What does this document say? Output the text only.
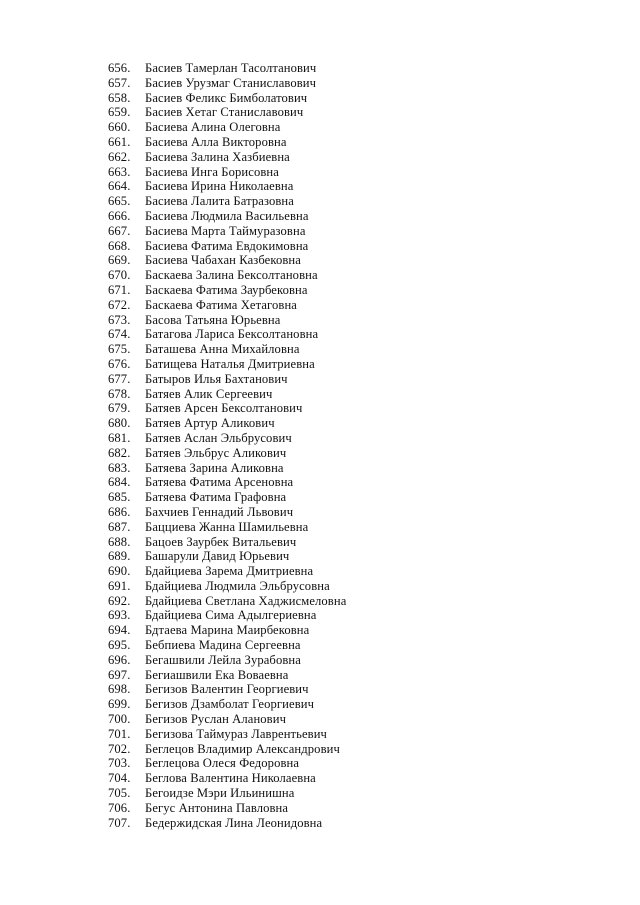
656.	Басиев Тамерлан Тасолтанович
657.	Басиев Урузмаг Станиславович
658.	Басиев Феликс Бимболатович
659.	Басиев Хетаг Станиславович
660.	Басиева Алина Олеговна
661.	Басиева Алла Викторовна
662.	Басиева Залина Хазбиевна
663.	Басиева Инга Борисовна
664.	Басиева Ирина Николаевна
665.	Басиева Лалита Батразовна
666.	Басиева Людмила Васильевна
667.	Басиева Марта Таймуразовна
668.	Басиева Фатима Евдокимовна
669.	Басиева Чабахан Казбековна
670.	Баскаева Залина Бексолтановна
671.	Баскаева Фатима Заурбековна
672.	Баскаева Фатима Хетаговна
673.	Басова Татьяна Юрьевна
674.	Батагова Лариса Бексолтановна
675.	Баташева Анна Михайловна
676.	Батищева Наталья Дмитриевна
677.	Батыров Илья Бахтанович
678.	Батяев Алик Сергеевич
679.	Батяев Арсен Бексолтанович
680.	Батяев Артур Аликович
681.	Батяев Аслан Эльбрусович
682.	Батяев Эльбрус Аликович
683.	Батяева Зарина Аликовна
684.	Батяева Фатима Арсеновна
685.	Батяева Фатима Графовна
686.	Бахчиев Геннадий Львович
687.	Бацциева Жанна Шамильевна
688.	Бацоев Заурбек Витальевич
689.	Башарули Давид Юрьевич
690.	Бдайциева Зарема Дмитриевна
691.	Бдайциева Людмила Эльбрусовна
692.	Бдайциева Светлана Хаджисмеловна
693.	Бдайциева Сима Адылгериевна
694.	Бдтаева Марина Маирбековна
695.	Бебпиева Мадина Сергеевна
696.	Бегашвили Лейла Зурабовна
697.	Бегиашвили Ека Воваевна
698.	Бегизов Валентин Георгиевич
699.	Бегизов Дзамболат Георгиевич
700.	Бегизов Руслан Аланович
701.	Бегизова Таймураз Лаврентьевич
702.	Беглецов Владимир Александрович
703.	Беглецова Олеся Федоровна
704.	Беглова Валентина Николаевна
705.	Бегоидзе Мэри Ильинишна
706.	Бегус Антонина Павловна
707.	Бедержидская Лина Леонидовна
